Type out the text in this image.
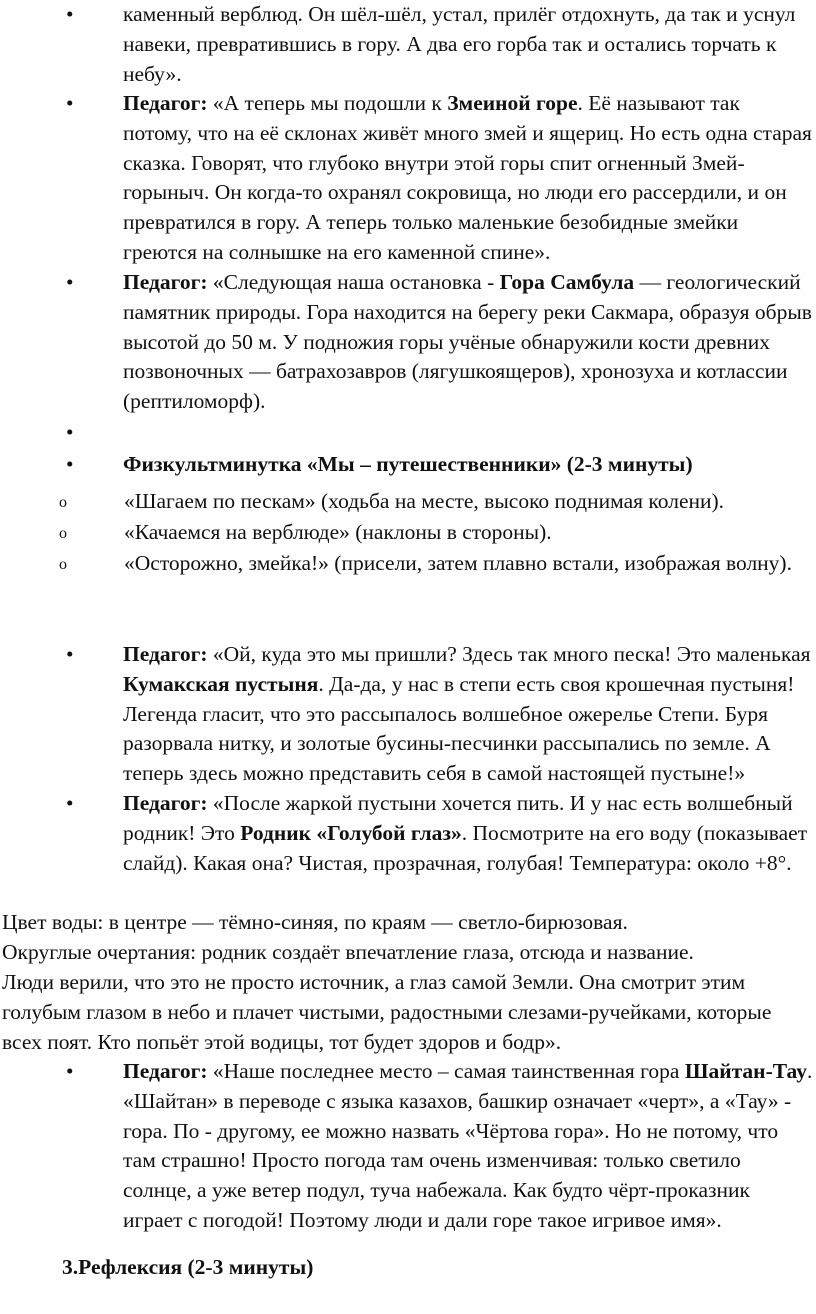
•	каменный верблюд. Он шёл-шёл, устал, прилёг отдохнуть, да так и уснул навеки, превратившись в гору. А два его горба так и остались торчать к небу».

•	Педагог: «А теперь мы подошли к Змеиной горе. Её называют так потому, что на её склонах живёт много змей и ящериц. Но есть одна старая сказка. Говорят, что глубоко внутри этой горы спит огненный Змей-горыныч. Он когда-то охранял сокровища, но люди его рассердили, и он превратился в гору. А теперь только маленькие безобидные змейки греются на солнышке на его каменной спине».

•	Педагог: «Следующая наша остановка - Гора Самбула — геологический памятник природы. Гора находится на берегу реки Сакмара, образуя обрыв высотой до 50 м. У подножия горы учёные обнаружили кости древних позвоночных — батрахозавров (лягушкоящеров), хронозуха и котлассии (рептиломорф).

•

•	Физкультминутка «Мы – путешественники» (2-3 минуты)

o	«Шагаем по пескам» (ходьба на месте, высоко поднимая колени).
o	«Качаемся на верблюде» (наклоны в стороны).
o	«Осторожно, змейка!» (присели, затем плавно встали, изображая волну).

•	Педагог: «Ой, куда это мы пришли? Здесь так много песка! Это маленькая Кумакская пустыня. Да-да, у нас в степи есть своя крошечная пустыня! Легенда гласит, что это рассыпалось волшебное ожерелье Степи. Буря разорвала нитку, и золотые бусины-песчинки рассыпались по земле. А теперь здесь можно представить себя в самой настоящей пустыне!»

•	Педагог: «После жаркой пустыни хочется пить. И у нас есть волшебный родник! Это Родник «Голубой глаз». Посмотрите на его воду (показывает слайд). Какая она? Чистая, прозрачная, голубая! Температура: около +8°.

Цвет воды: в центре — тёмно-синяя, по краям — светло-бирюзовая.

Округлые очертания: родник создаёт впечатление глаза, отсюда и название.

Люди верили, что это не просто источник, а глаз самой Земли. Она смотрит этим голубым глазом в небо и плачет чистыми, радостными слезами-ручейками, которые всех поят. Кто попьёт этой водицы, тот будет здоров и бодр».

•	Педагог: «Наше последнее место – самая таинственная гора Шайтан-Тау. «Шайтан» в переводе с языка казахов, башкир означает «черт», а «Тау» - гора. По - другому, ее можно назвать «Чёртова гора». Но не потому, что там страшно! Просто погода там очень изменчивая: только светило солнце, а уже ветер подул, туча набежала. Как будто чёрт-проказник играет с погодой! Поэтому люди и дали горе такое игривое имя».

3.Рефлексия (2-3 минуты)
